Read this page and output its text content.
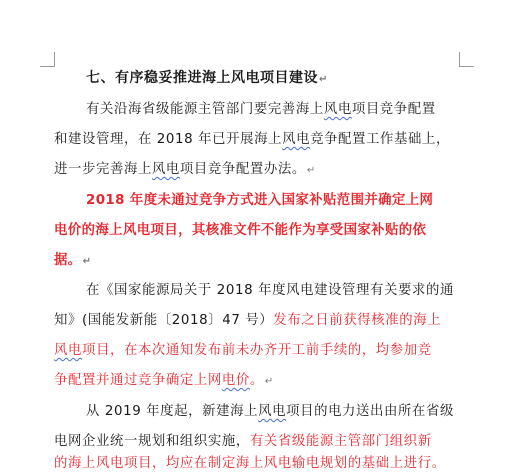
七、有序稳妥推进海上风电项目建设↵
有关沿海省级能源主管部门要完善海上风电项目竞争配置
和建设管理，在 2018 年已开展海上风电竞争配置工作基础上，
进一步完善海上风电项目竞争配置办法。↵
2018 年度未通过竞争方式进入国家补贴范围并确定上网
电价的海上风电项目，其核准文件不能作为享受国家补贴的依
据。↵
在《国家能源局关于 2018 年度风电建设管理有关要求的通
知》(国能发新能〔2018〕47 号）发布之日前获得核准的海上
风电项目，在本次通知发布前未办齐开工前手续的，均参加竞
争配置并通过竞争确定上网电价。↵
从 2019 年度起，新建海上风电项目的电力送出由所在省级
电网企业统一规划和组织实施，有关省级能源主管部门组织新
的海上风电项目，均应在制定海上风电输电规划的基础上进行。
